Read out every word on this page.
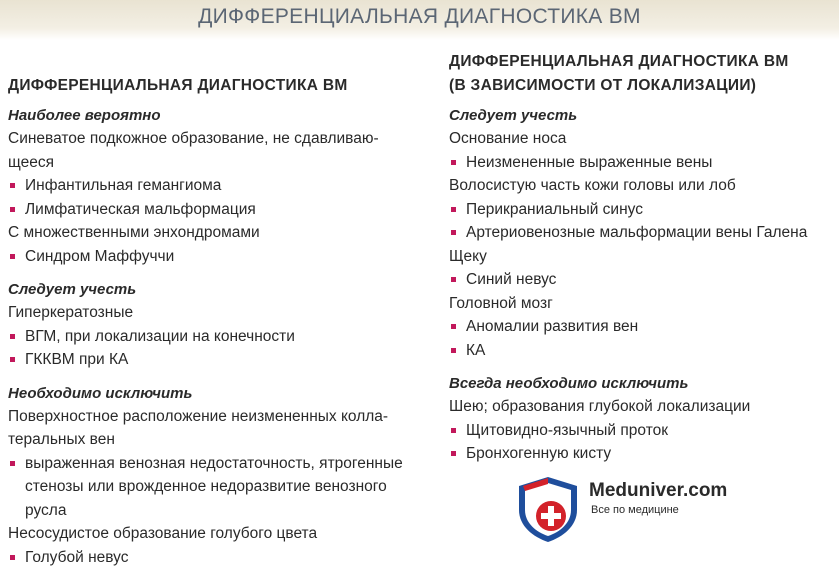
ДИФФЕРЕНЦИАЛЬНАЯ ДИАГНОСТИКА ВМ
ДИФФЕРЕНЦИАЛЬНАЯ ДИАГНОСТИКА ВМ
Наиболее вероятно
Синеватое подкожное образование, не сдавливаю-
щееся
Инфантильная гемангиома
Лимфатическая мальформация
С множественными энхондромами
Синдром Маффуччи
Следует учесть
Гиперкератозные
ВГМ, при локализации на конечности
ГККВМ при КА
Необходимо исключить
Поверхностное расположение неизмененных колла-
теральных вен
выраженная венозная недостаточность, ятрогенные
стенозы или врожденное недоразвитие венозного
русла
Несосудистое образование голубого цвета
Голубой невус
ДИФФЕРЕНЦИАЛЬНАЯ ДИАГНОСТИКА ВМ
(В ЗАВИСИМОСТИ ОТ ЛОКАЛИЗАЦИИ)
Следует учесть
Основание носа
Неизмененные выраженные вены
Волосистую часть кожи головы или лоб
Перикраниальный синус
Артериовенозные мальформации вены Галена
Щеку
Синий невус
Головной мозг
Аномалии развития вен
КА
Всегда необходимо исключить
Шею; образования глубокой локализации
Щитовидно-язычный проток
Бронхогенную кисту
Meduniver.com
Все по медицине
